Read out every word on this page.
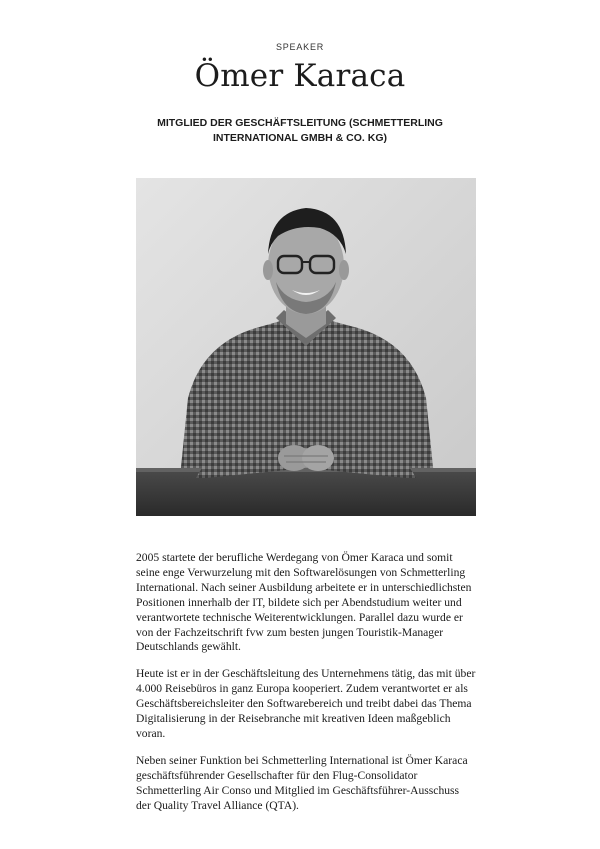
SPEAKER
Ömer Karaca
MITGLIED DER GESCHÄFTSLEITUNG (SCHMETTERLING INTERNATIONAL GMBH & CO. KG)

2005 startete der berufliche Werdegang von Ömer Karaca und somit seine enge Verwurzelung mit den Softwarelösungen von Schmetterling International. Nach seiner Ausbildung arbeitete er in unterschiedlichsten Positionen innerhalb der IT, bildete sich per Abendstudium weiter und verantwortete technische Weiterentwicklungen. Parallel dazu wurde er von der Fachzeitschrift fvw zum besten jungen Touristik-Manager Deutschlands gewählt.

Heute ist er in der Geschäftsleitung des Unternehmens tätig, das mit über 4.000 Reisebüros in ganz Europa kooperiert. Zudem verantwortet er als Geschäftsbereichsleiter den Softwarebereich und treibt dabei das Thema Digitalisierung in der Reisebranche mit kreativen Ideen maßgeblich voran.

Neben seiner Funktion bei Schmetterling International ist Ömer Karaca geschäftsführender Gesellschafter für den Flug-Consolidator Schmetterling Air Conso und Mitglied im Geschäftsführer-Ausschuss der Quality Travel Alliance (QTA).
